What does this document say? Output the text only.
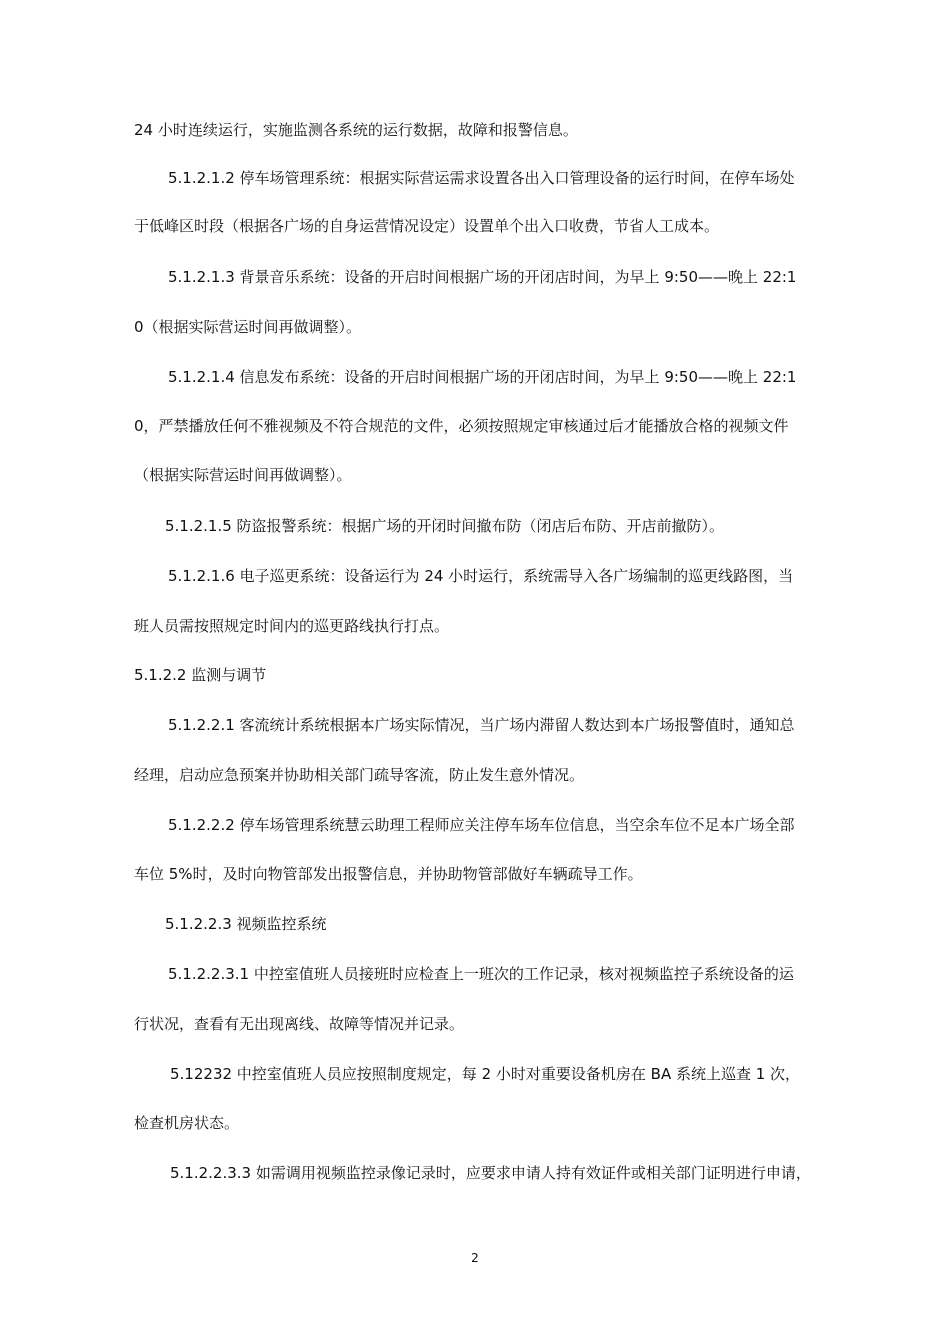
24 小时连续运行，实施监测各系统的运行数据，故障和报警信息。
5.1.2.1.2 停车场管理系统：根据实际营运需求设置各出入口管理设备的运行时间，在停车场处
于低峰区时段（根据各广场的自身运营情况设定）设置单个出入口收费，节省人工成本。
5.1.2.1.3 背景音乐系统：设备的开启时间根据广场的开闭店时间，为早上 9:50——晚上 22:1
0（根据实际营运时间再做调整）。
5.1.2.1.4 信息发布系统：设备的开启时间根据广场的开闭店时间，为早上 9:50——晚上 22:1
0，严禁播放任何不雅视频及不符合规范的文件，必须按照规定审核通过后才能播放合格的视频文件
（根据实际营运时间再做调整）。
5.1.2.1.5 防盗报警系统：根据广场的开闭时间撤布防（闭店后布防、开店前撤防）。
5.1.2.1.6 电子巡更系统：设备运行为 24 小时运行，系统需导入各广场编制的巡更线路图，当
班人员需按照规定时间内的巡更路线执行打点。
5.1.2.2 监测与调节
5.1.2.2.1 客流统计系统根据本广场实际情况，当广场内滞留人数达到本广场报警值时，通知总
经理，启动应急预案并协助相关部门疏导客流，防止发生意外情况。
5.1.2.2.2 停车场管理系统慧云助理工程师应关注停车场车位信息，当空余车位不足本广场全部
车位 5%时，及时向物管部发出报警信息，并协助物管部做好车辆疏导工作。
5.1.2.2.3 视频监控系统
5.1.2.2.3.1 中控室值班人员接班时应检查上一班次的工作记录，核对视频监控子系统设备的运
行状况，查看有无出现离线、故障等情况并记录。
5.12232 中控室值班人员应按照制度规定，每 2 小时对重要设备机房在 BA 系统上巡查 1 次，
检查机房状态。
5.1.2.2.3.3 如需调用视频监控录像记录时，应要求申请人持有效证件或相关部门证明进行申请，
2
